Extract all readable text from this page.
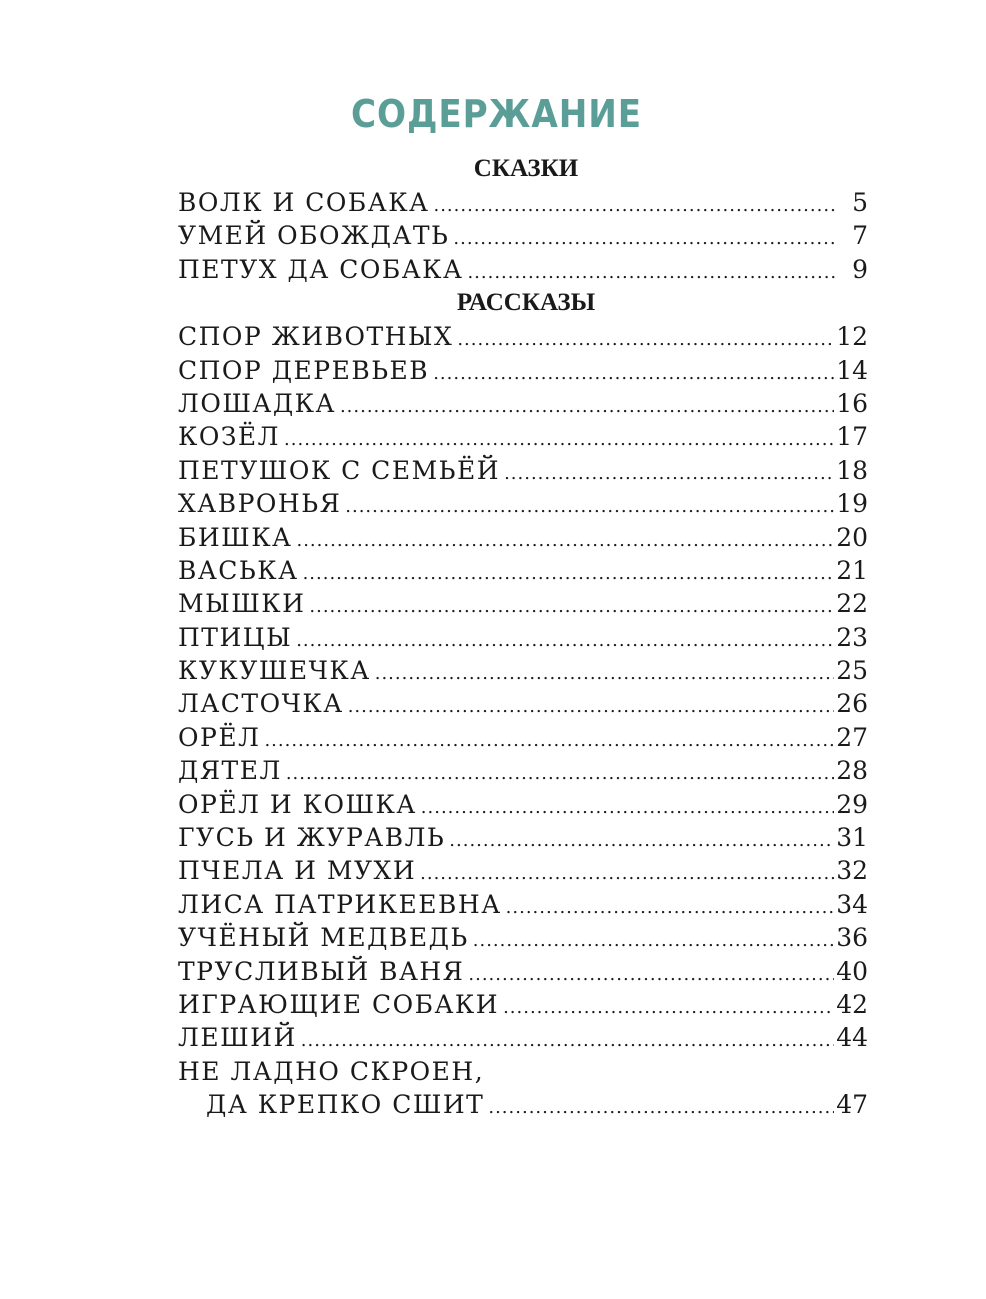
СОДЕРЖАНИЕ
СКАЗКИ
ВОЛК И СОБАКА .....	5
УМЕЙ ОБОЖДАТЬ .....	7
ПЕТУХ ДА СОБАКА .....	9
РАССКАЗЫ
СПОР ЖИВОТНЫХ .....	12
СПОР ДЕРЕВЬЕВ .....	14
ЛОШАДКА .....	16
КОЗЁЛ .....	17
ПЕТУШОК С СЕМЬЁЙ .....	18
ХАВРОНЬЯ .....	19
БИШКА .....	20
ВАСЬКА .....	21
МЫШКИ .....	22
ПТИЦЫ .....	23
КУКУШЕЧКА .....	25
ЛАСТОЧКА .....	26
ОРЁЛ .....	27
ДЯТЕЛ .....	28
ОРЁЛ И КОШКА .....	29
ГУСЬ И ЖУРАВЛЬ .....	31
ПЧЕЛА И МУХИ .....	32
ЛИСА ПАТРИКЕЕВНА .....	34
УЧЁНЫЙ МЕДВЕДЬ .....	36
ТРУСЛИВЫЙ ВАНЯ .....	40
ИГРАЮЩИЕ СОБАКИ .....	42
ЛЕШИЙ .....	44
НЕ ЛАДНО СКРОЕН,
ДА КРЕПКО СШИТ .....	47
